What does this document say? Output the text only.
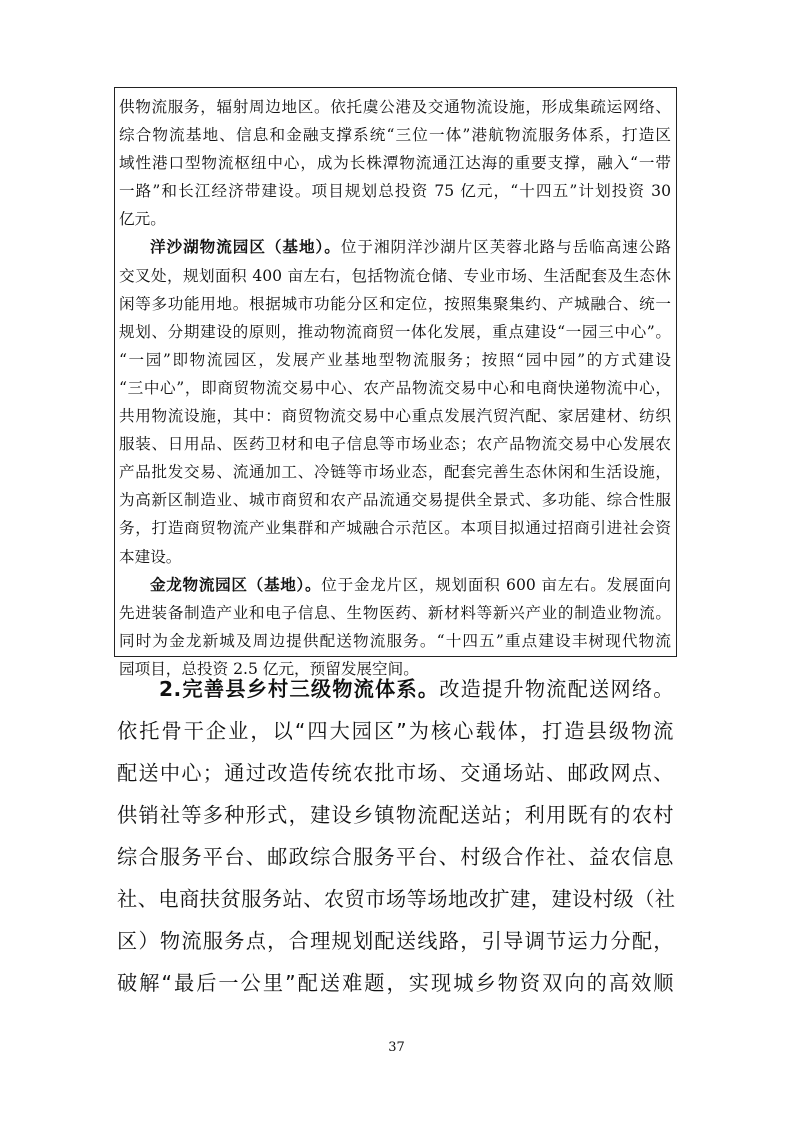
供物流服务，辐射周边地区。依托虞公港及交通物流设施，形成集疏运网络、
综合物流基地、信息和金融支撑系统“三位一体”港航物流服务体系，打造区
域性港口型物流枢纽中心，成为长株潭物流通江达海的重要支撑，融入“一带
一路”和长江经济带建设。项目规划总投资 75 亿元，“十四五”计划投资 30
亿元。
洋沙湖物流园区（基地）。位于湘阴洋沙湖片区芙蓉北路与岳临高速公路
交叉处，规划面积 400 亩左右，包括物流仓储、专业市场、生活配套及生态休
闲等多功能用地。根据城市功能分区和定位，按照集聚集约、产城融合、统一
规划、分期建设的原则，推动物流商贸一体化发展，重点建设“一园三中心”。
“一园”即物流园区，发展产业基地型物流服务；按照“园中园”的方式建设
“三中心”，即商贸物流交易中心、农产品物流交易中心和电商快递物流中心，
共用物流设施，其中：商贸物流交易中心重点发展汽贸汽配、家居建材、纺织
服装、日用品、医药卫材和电子信息等市场业态；农产品物流交易中心发展农
产品批发交易、流通加工、冷链等市场业态，配套完善生态休闲和生活设施，
为高新区制造业、城市商贸和农产品流通交易提供全景式、多功能、综合性服
务，打造商贸物流产业集群和产城融合示范区。本项目拟通过招商引进社会资
本建设。
金龙物流园区（基地）。位于金龙片区，规划面积 600 亩左右。发展面向
先进装备制造产业和电子信息、生物医药、新材料等新兴产业的制造业物流。
同时为金龙新城及周边提供配送物流服务。“十四五”重点建设丰树现代物流
园项目，总投资 2.5 亿元，预留发展空间。
2.完善县乡村三级物流体系。改造提升物流配送网络。
依托骨干企业，以“四大园区”为核心载体，打造县级物流
配送中心；通过改造传统农批市场、交通场站、邮政网点、
供销社等多种形式，建设乡镇物流配送站；利用既有的农村
综合服务平台、邮政综合服务平台、村级合作社、益农信息
社、电商扶贫服务站、农贸市场等场地改扩建，建设村级（社
区）物流服务点，合理规划配送线路，引导调节运力分配，
破解“最后一公里”配送难题，实现城乡物资双向的高效顺
37
